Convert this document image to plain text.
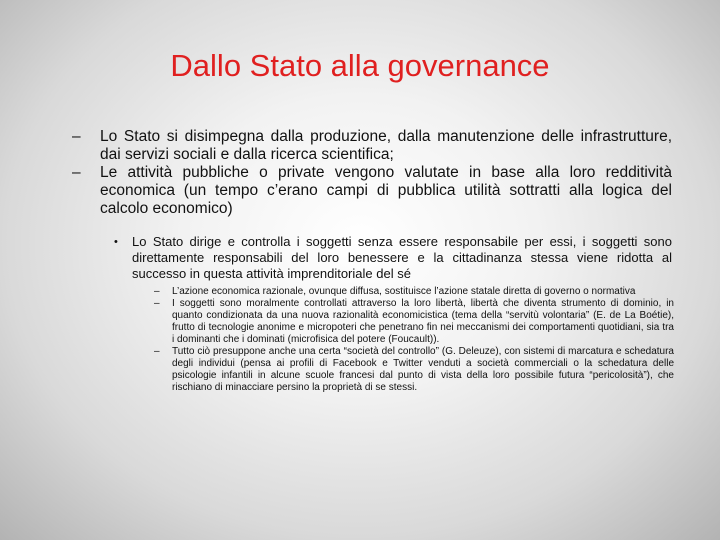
Dallo Stato alla governance
– Lo Stato si disimpegna dalla produzione, dalla manutenzione delle infrastrutture, dai servizi sociali e dalla ricerca scientifica;
– Le attività pubbliche o private vengono valutate in base alla loro redditività economica (un tempo c’erano campi di pubblica utilità sottratti alla logica del calcolo economico)
• Lo Stato dirige e controlla i soggetti senza essere responsabile per essi, i soggetti sono direttamente responsabili del loro benessere e la cittadinanza stessa viene ridotta al successo in questa attività imprenditoriale del sé
– L’azione economica razionale, ovunque diffusa, sostituisce l’azione statale diretta di governo o normativa
– I soggetti sono moralmente controllati attraverso la loro libertà, libertà che diventa strumento di dominio, in quanto condizionata da una nuova razionalità economicistica (tema della “servitù volontaria” (E. de La Boétie), frutto di tecnologie anonime e micropoteri che penetrano fin nei meccanismi dei comportamenti quotidiani, sia tra i dominanti che i dominati (microfisica del potere (Foucault)).
– Tutto ciò presuppone anche una certa “società del controllo” (G. Deleuze), con sistemi di marcatura e schedatura degli individui (pensa ai profili di Facebook e Twitter venduti a società commerciali o la schedatura delle psicologie infantili in alcune scuole francesi dal punto di vista della loro possibile futura “pericolosità”), che rischiano di minacciare persino la proprietà di se stessi.
